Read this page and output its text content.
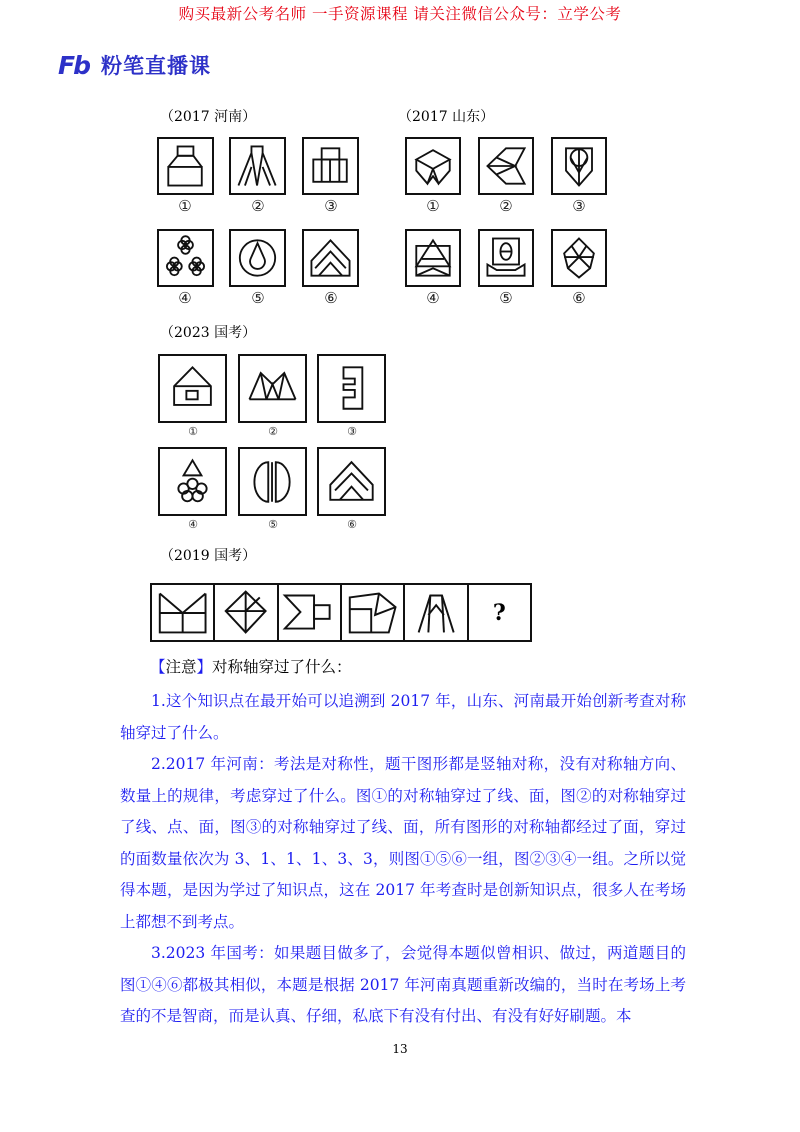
购买最新公考名师 一手资源课程 请关注微信公众号：立学公考
Fb 粉笔直播课
（2017 河南）
①	②	③
④	⑤	⑥
（2017 山东）
①	②	③
④	⑤	⑥
（2023 国考）
①	②	③
④	⑤	⑥
（2019 国考）
?
【注意】对称轴穿过了什么：

1.这个知识点在最开始可以追溯到 2017 年，山东、河南最开始创新考查对称轴穿过了什么。

2.2017 年河南：考法是对称性，题干图形都是竖轴对称，没有对称轴方向、数量上的规律，考虑穿过了什么。图①的对称轴穿过了线、面，图②的对称轴穿过了线、点、面，图③的对称轴穿过了线、面，所有图形的对称轴都经过了面，穿过的面数量依次为 3、1、1、1、3、3，则图①⑤⑥一组，图②③④一组。之所以觉得本题，是因为学过了知识点，这在 2017 年考查时是创新知识点，很多人在考场上都想不到考点。

3.2023 年国考：如果题目做多了，会觉得本题似曾相识、做过，两道题目的图①④⑥都极其相似，本题是根据 2017 年河南真题重新改编的，当时在考场上考查的不是智商，而是认真、仔细，私底下有没有付出、有没有好好刷题。本

13
